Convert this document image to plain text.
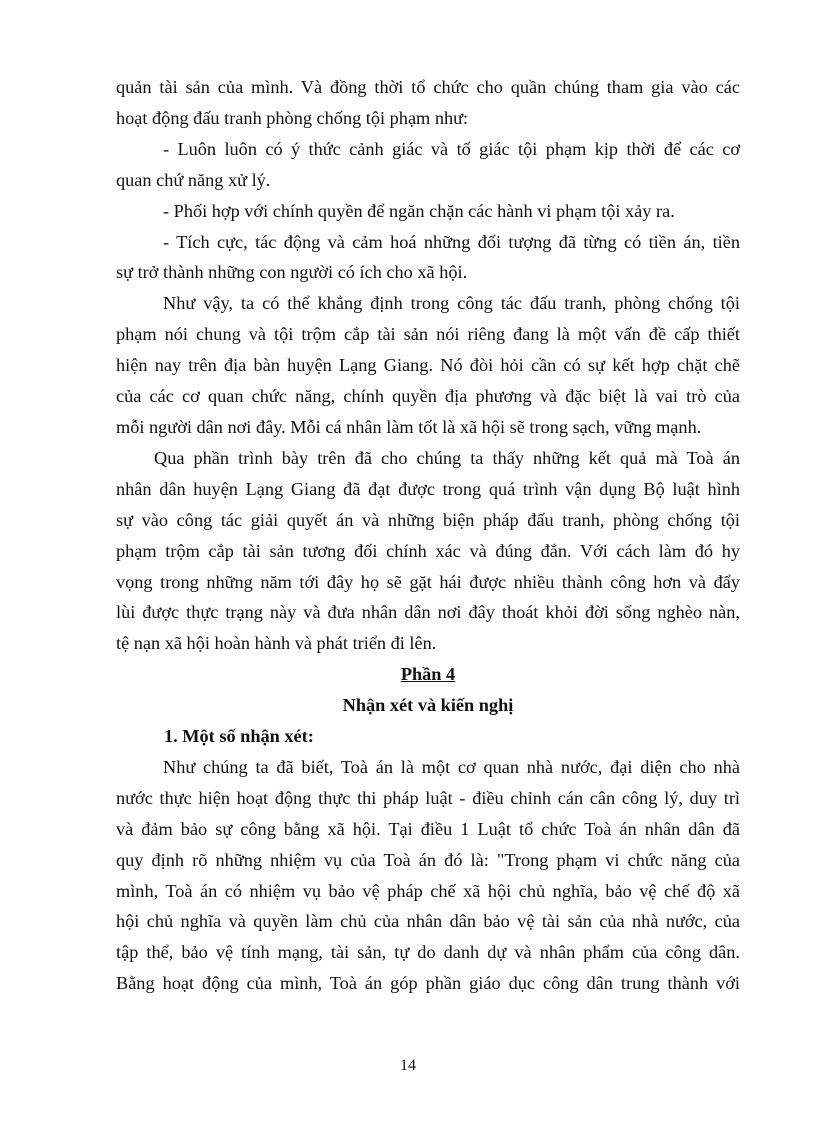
quản tài sản của mình. Và đồng thời tổ chức cho quần chúng tham gia vào các
hoạt động đấu tranh phòng chống tội phạm như:

- Luôn luôn có ý thức cảnh giác và tố giác tội phạm kịp thời để các cơ
quan chứ năng xử lý.

- Phối hợp với chính quyền để ngăn chặn các hành vi phạm tội xảy ra.

- Tích cực, tác động và cảm hoá những đối tượng đã từng có tiền án, tiền
sự trở thành những con người có ích cho xã hội.

Như vậy, ta có thể khẳng định trong công tác đấu tranh, phòng chống tội
phạm nói chung và tội trộm cắp tài sản nói riêng đang là một vấn đề cấp thiết
hiện nay trên địa bàn huyện Lạng Giang. Nó đòi hỏi cần có sự kết hợp chặt chẽ
của các cơ quan chức năng, chính quyền địa phương và đặc biệt là vai trò của
mỗi người dân nơi đây. Mỗi cá nhân làm tốt là xã hội sẽ trong sạch, vững mạnh.

Qua phần trình bày trên đã cho chúng ta thấy những kết quả mà Toà án
nhân dân huyện Lạng Giang đã đạt được trong quá trình vận dụng Bộ luật hình
sự vào công tác giải quyết án và những biện pháp đấu tranh, phòng chống tội
phạm trộm cắp tài sản tương đối chính xác và đúng đắn. Với cách làm đó hy
vọng trong những năm tới đây họ sẽ gặt hái được nhiều thành công hơn và đẩy
lùi được thực trạng này và đưa nhân dân nơi đây thoát khỏi đời sống nghèo nàn,
tệ nạn xã hội hoàn hành và phát triển đi lên.

Phần 4
Nhận xét và kiến nghị
1. Một số nhận xét:

Như chúng ta đã biết, Toà án là một cơ quan nhà nước, đại diện cho nhà
nước thực hiện hoạt động thực thi pháp luật - điều chỉnh cán cân công lý, duy trì
và đảm bảo sự công bằng xã hội. Tại điều 1 Luật tổ chức Toà án nhân dân đã
quy định rõ những nhiệm vụ của Toà án đó là: "Trong phạm vi chức năng của
mình, Toà án có nhiệm vụ bảo vệ pháp chế xã hội chủ nghĩa, bảo vệ chế độ xã
hội chủ nghĩa và quyền làm chủ của nhân dân bảo vệ tài sản của nhà nước, của
tập thể, bảo vệ tính mạng, tài sản, tự do danh dự và nhân phẩm của công dân.
Bằng hoạt động của mình, Toà án góp phần giáo dục công dân trung thành với

14
